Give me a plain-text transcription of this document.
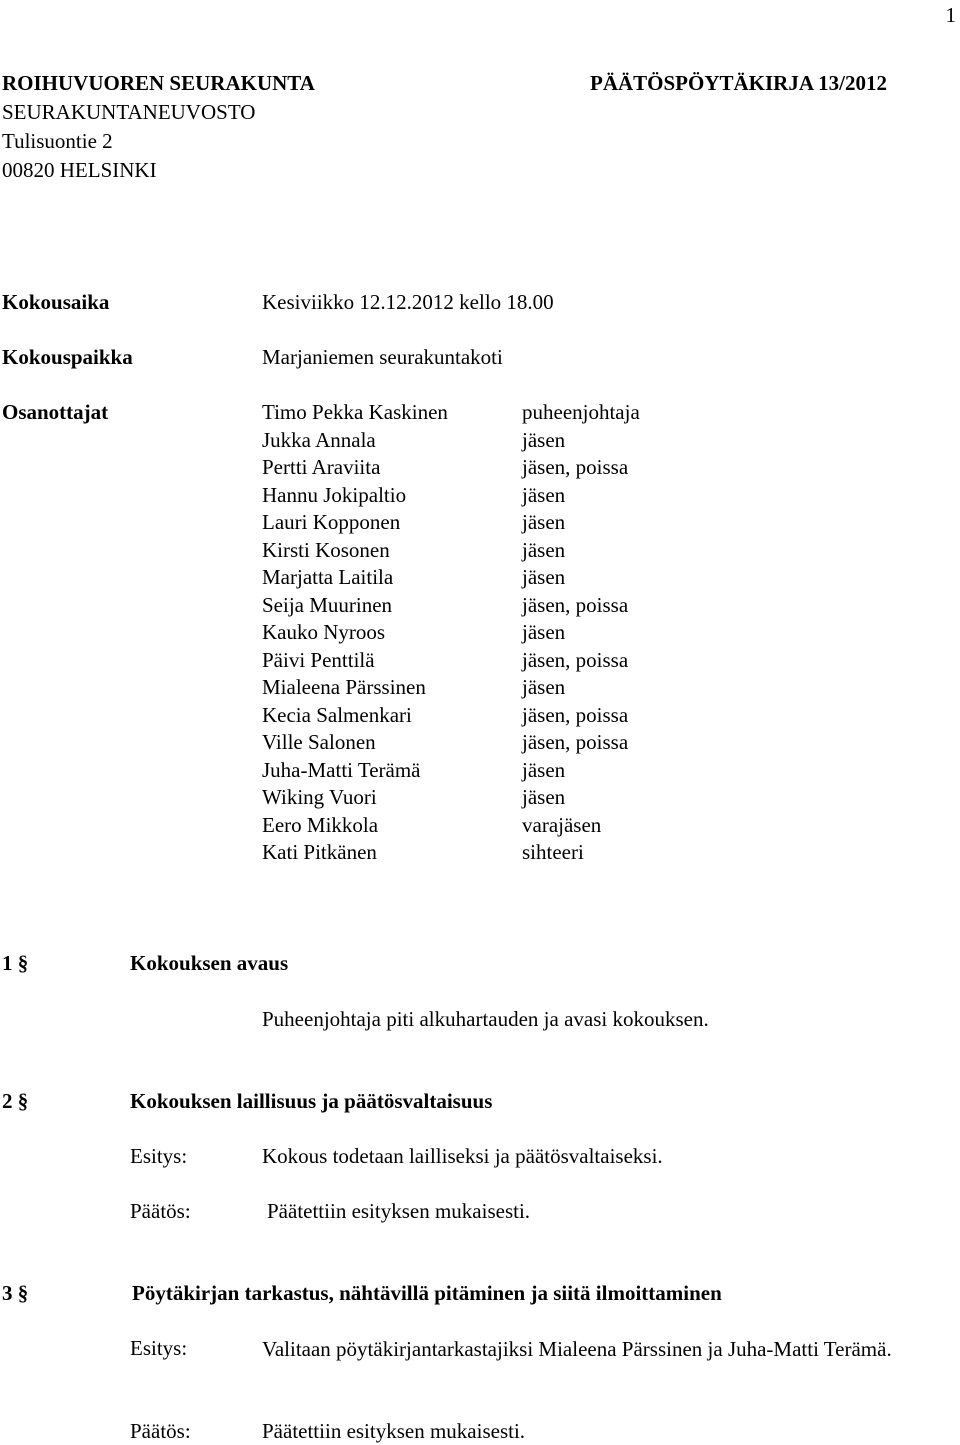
1
ROIHUVUOREN SEURAKUNTA
SEURAKUNTANEUVOSTO
Tulisuontie 2
00820 HELSINKI
PÄÄTÖSPÖYTÄKIRJA 13/2012
Kokousaika	Kesiviikko 12.12.2012 kello 18.00
Kokouspaikka	Marjaniemen seurakuntakoti
Osanottajat	Timo Pekka Kaskinen	puheenjohtaja
Jukka Annala	jäsen
Pertti Araviita	jäsen, poissa
Hannu Jokipaltio	jäsen
Lauri Kopponen	jäsen
Kirsti Kosonen	jäsen
Marjatta Laitila	jäsen
Seija Muurinen	jäsen, poissa
Kauko Nyroos	jäsen
Päivi Penttilä	jäsen, poissa
Mialeena Pärssinen	jäsen
Kecia Salmenkari	jäsen, poissa
Ville Salonen	jäsen, poissa
Juha-Matti Terämä	jäsen
Wiking Vuori	jäsen
Eero Mikkola	varajäsen
Kati Pitkänen	sihteeri
1 §	Kokouksen avaus
Puheenjohtaja piti alkuhartauden ja avasi kokouksen.
2 §	Kokouksen laillisuus ja päätösvaltaisuus
Esitys:	Kokous todetaan lailliseksi ja päätösvaltaiseksi.
Päätös:	Päätettiin esityksen mukaisesti.
3 §	Pöytäkirjan tarkastus, nähtävillä pitäminen ja siitä ilmoittaminen
Esitys:	Valitaan pöytäkirjantarkastajiksi Mialeena Pärssinen ja Juha-Matti Terämä.
Päätös:	Päätettiin esityksen mukaisesti.
